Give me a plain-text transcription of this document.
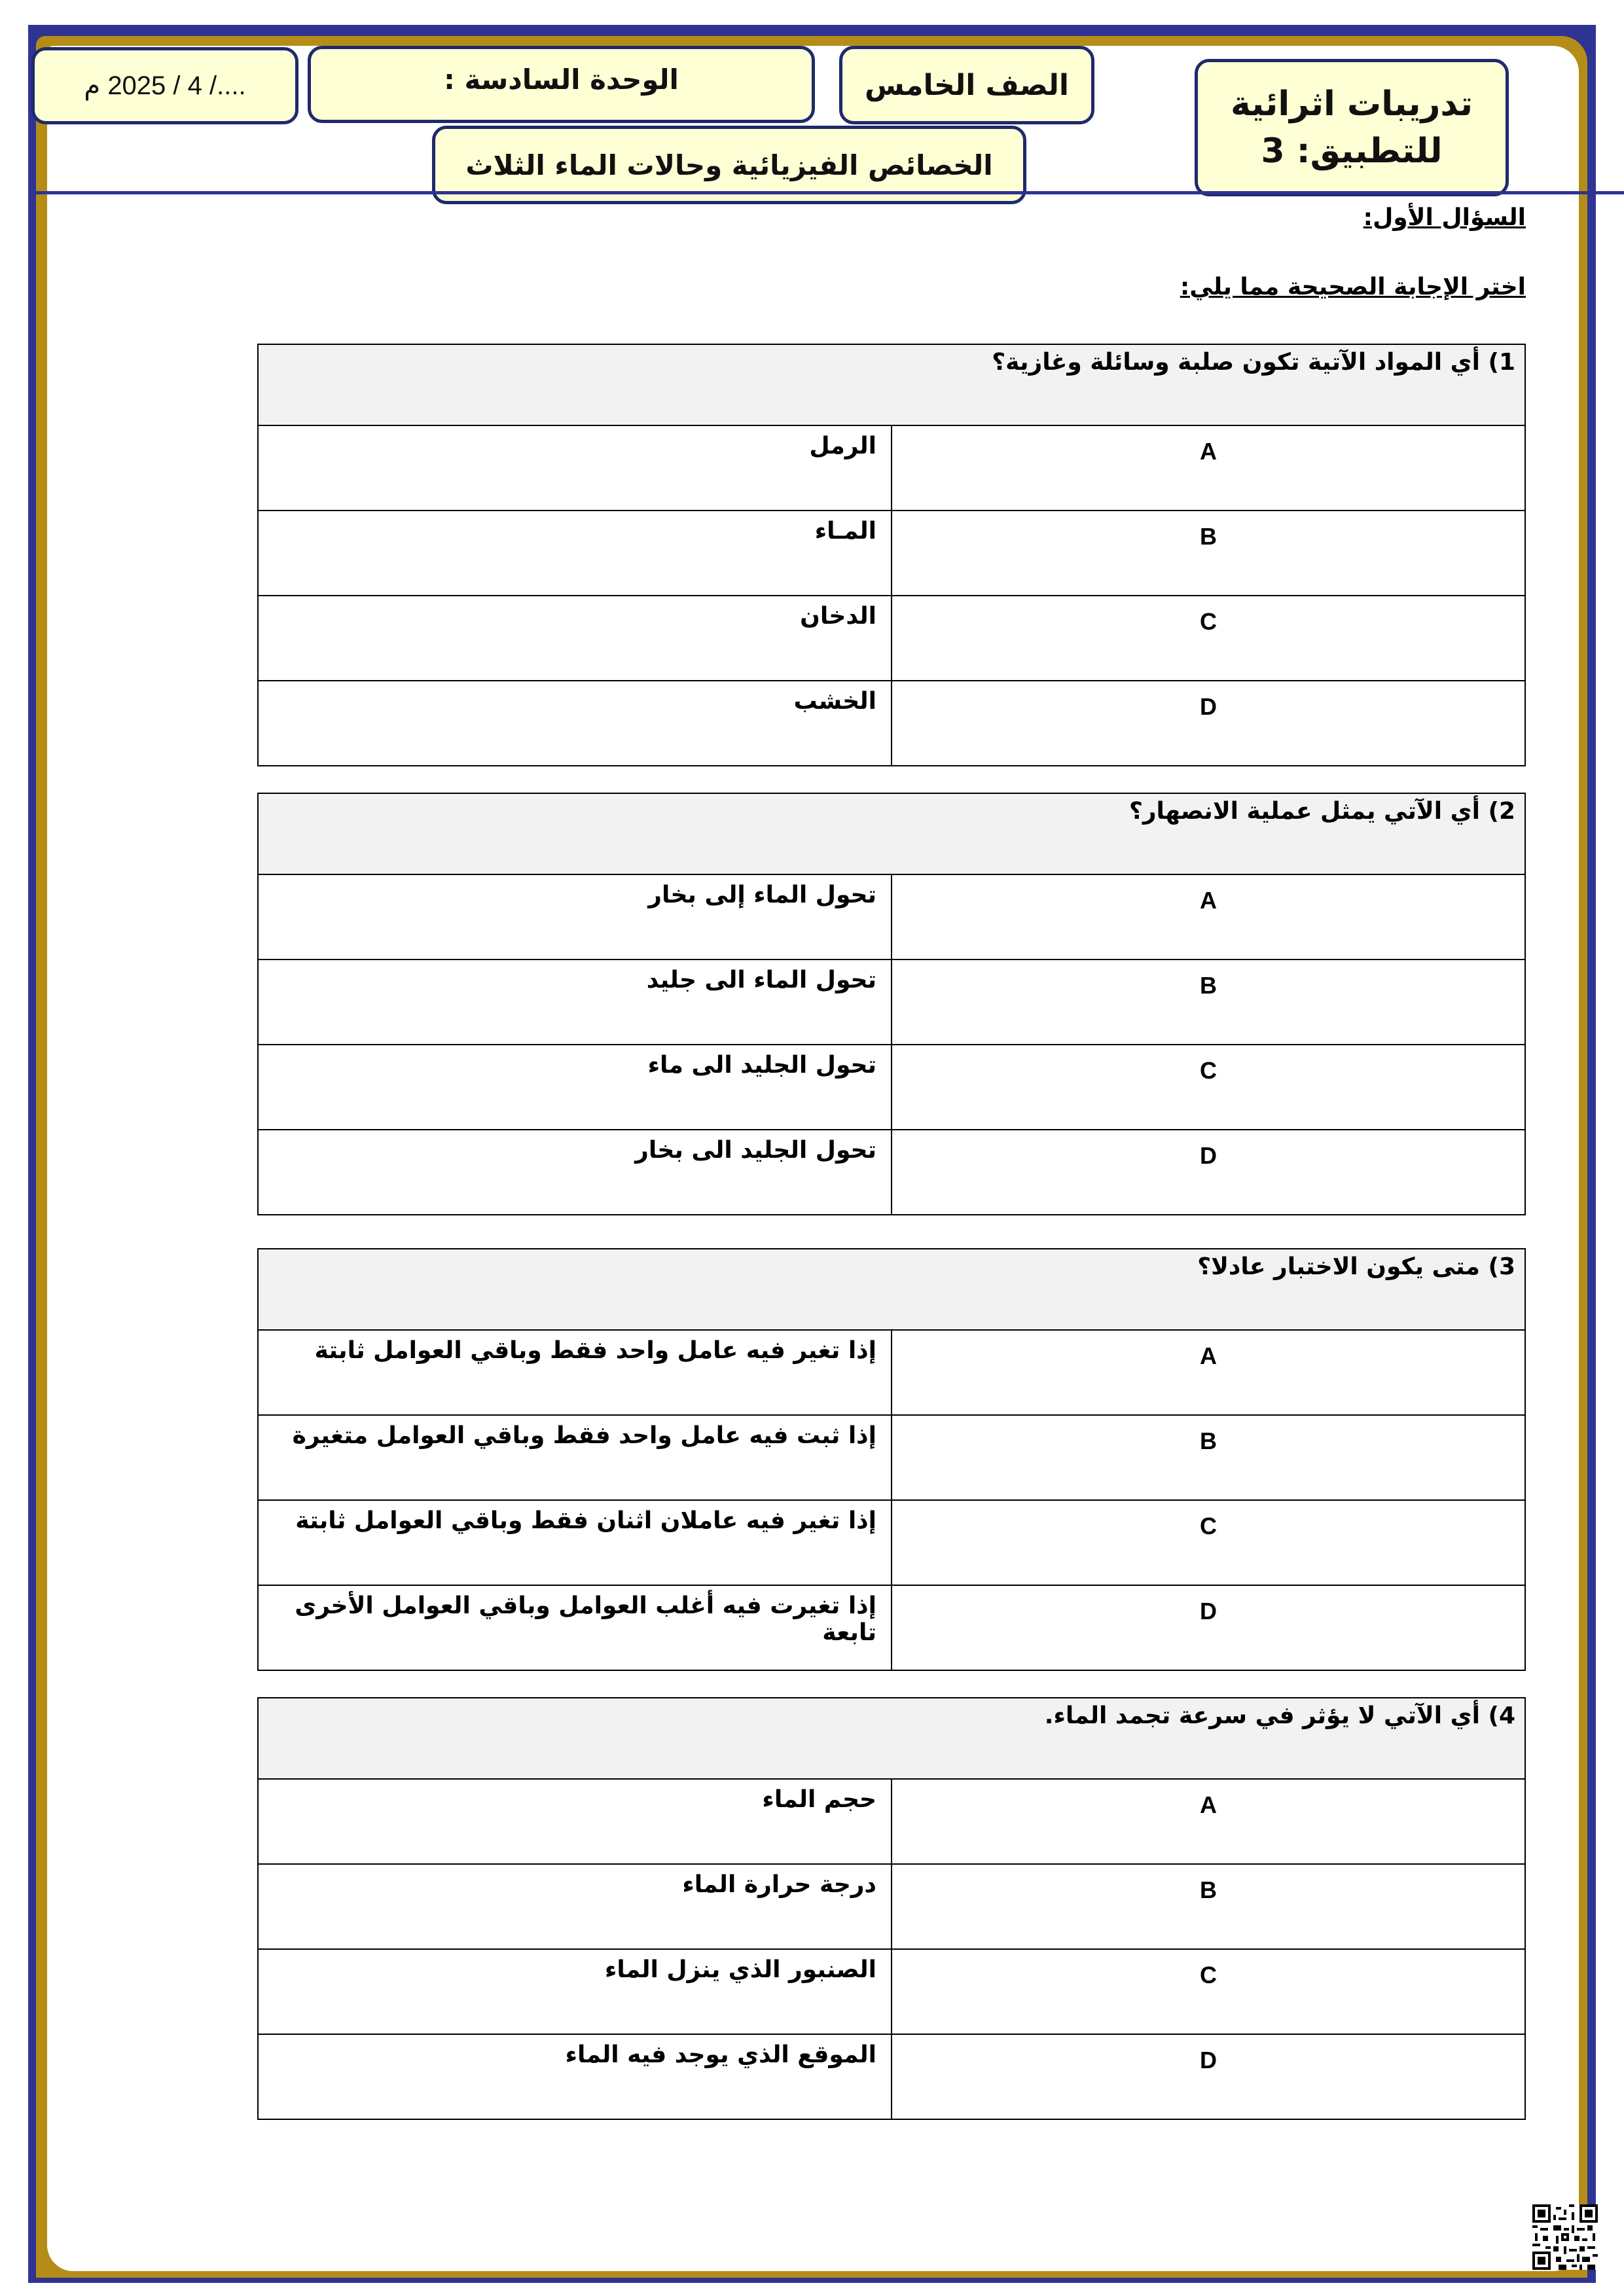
تدريبات اثرائية
للتطبيق: 3
الصف الخامس
الوحدة السادسة :
..../ 4 / 2025 م
الخصائص الفيزيائية وحالات الماء الثلاث
السؤال الأول:
اختر الإجابة الصحيحة مما يلي:
1) أي المواد الآتية تكون صلبة وسائلة وغازية؟	
A	الرمل
B	المـاء
C	الدخان
D	الخشب
2) أي الآتي يمثل عملية الانصهار؟	
A	تحول الماء إلى بخار
B	تحول الماء الى جليد
C	تحول الجليد الى ماء
D	تحول الجليد الى بخار
3) متى يكون الاختبار عادلا؟	
A	إذا تغير فيه عامل واحد فقط وباقي العوامل ثابتة
B	إذا ثبت فيه عامل واحد فقط وباقي العوامل متغيرة
C	إذا تغير فيه عاملان اثنان فقط وباقي العوامل ثابتة
D	إذا تغيرت فيه أغلب العوامل وباقي العوامل الأخرى تابعة
4) أي الآتي لا يؤثر في سرعة تجمد الماء.	
A	حجم الماء
B	درجة حرارة الماء
C	الصنبور الذي ينزل الماء
D	الموقع الذي يوجد فيه الماء
